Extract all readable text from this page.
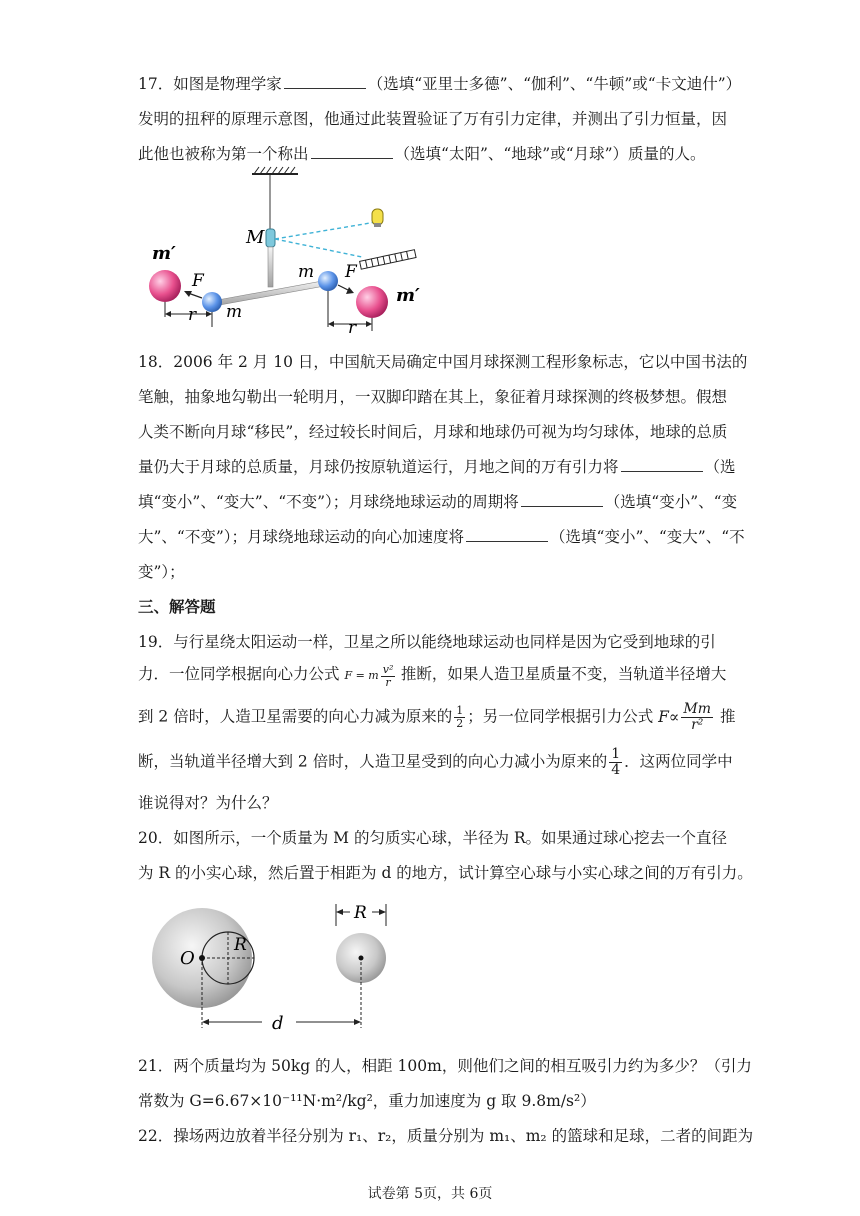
17．如图是物理学家	（选填“亚里士多德”、“伽利”、“牛顿”或“卡文迪什”）
发明的扭秤的原理示意图，他通过此装置验证了万有引力定律，并测出了引力恒量，因
此他也被称为第一个称出	（选填“太阳”、“地球”或“月球”）质量的人。
m′
F
r m
M
m F
m′
r
18．2006 年 2 月 10 日，中国航天局确定中国月球探测工程形象标志，它以中国书法的
笔触，抽象地勾勒出一轮明月，一双脚印踏在其上，象征着月球探测的终极梦想。假想
人类不断向月球“移民”，经过较长时间后，月球和地球仍可视为均匀球体，地球的总质
量仍大于月球的总质量，月球仍按原轨道运行，月地之间的万有引力将	（选
填“变小”、“变大”、“不变”）；月球绕地球运动的周期将	（选填“变小”、“变
大”、“不变”）；月球绕地球运动的向心加速度将	（选填“变小”、“变大”、“不
变”）；
三、解答题
19．与行星绕太阳运动一样，卫星之所以能绕地球运动也同样是因为它受到地球的引
力．一位同学根据向心力公式 F = m $\frac{\text{v²}}{r}$ 推断，如果人造卫星质量不变，当轨道半径增大
到 2 倍时，人造卫星需要的向心力减为原来的 $\frac{1}{2}$ ；另一位同学根据引力公式 $F\propto \frac{Mm}{\text{r²}}$ 推
断，当轨道半径增大到 2 倍时，人造卫星受到的向心力减小为原来的 $\frac{1}{4}$ ．这两位同学中
谁说得对？为什么？
20．如图所示，一个质量为 M 的匀质实心球，半径为 R。如果通过球心挖去一个直径
为 R 的小实心球，然后置于相距为 d 的地方，试计算空心球与小实心球之间的万有引力。
O
R
R
d
21．两个质量均为 50kg 的人，相距 100m，则他们之间的相互吸引力约为多少？（引力
常数为 G=6.67×10⁻¹¹N·m²/kg²，重力加速度为 g 取 9.8m/s²）
22．操场两边放着半径分别为 r₁、r₂，质量分别为 m₁、m₂ 的篮球和足球，二者的间距为
试卷第 5页，共 6页
